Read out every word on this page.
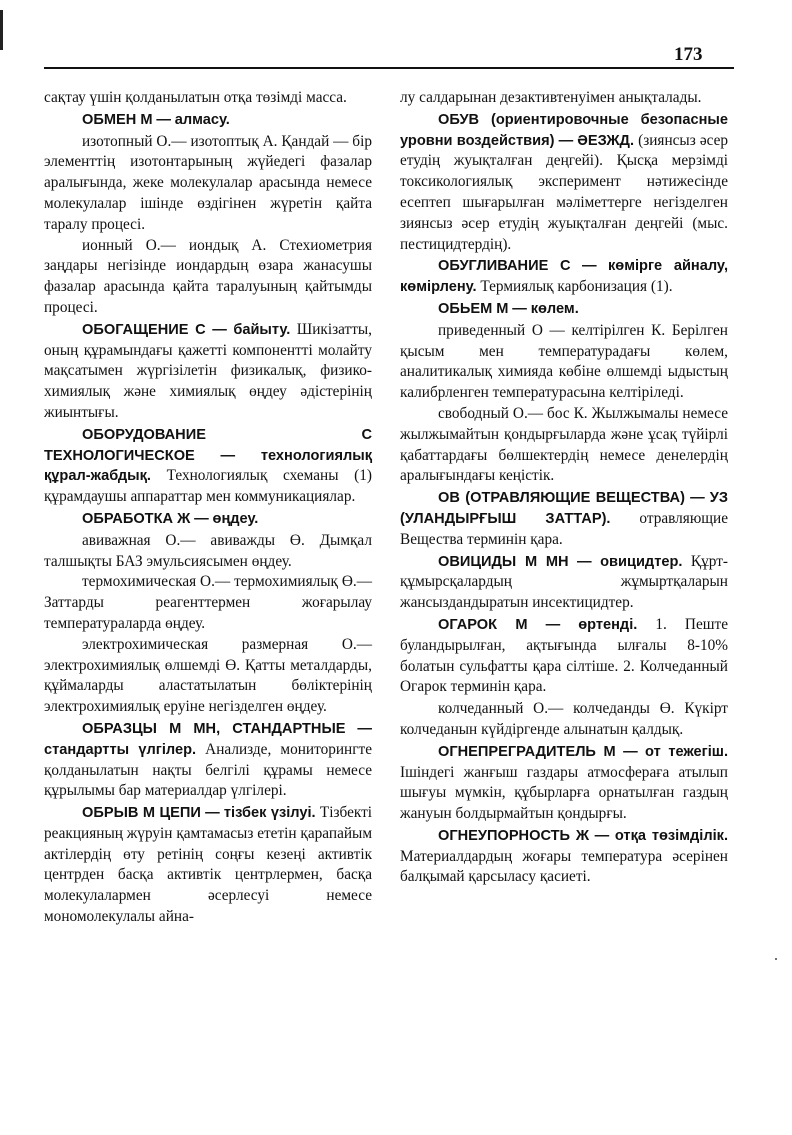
173

сақтау үшін қолданылатын отқа төзімді масса.

ОБМЕН М — алмасу.

изотопный О.— изотоптық А. Қандай — бір элементтің изотонтарының жүйедегі фазалар аралығында, жеке молекулалар арасында немесе молекулалар ішінде өздігінен жүретін қайта таралу процесі.

ионный О.— иондық А. Стехиометрия заңдары негізінде иондардың өзара жанасушы фазалар арасында қайта таралуының қайтымды процесі.

ОБОГАЩЕНИЕ С — байыту. Шикізатты, оның құрамындағы қажетті компонентті молайту мақсатымен жүргізілетін физикалық, физико-химиялық және химиялық өңдеу әдістерінің жиынтығы.

ОБОРУДОВАНИЕ С ТЕХНОЛОГИЧЕСКОЕ — технологиялық құрал-жабдық. Технологиялық схеманы (1) құрамдаушы аппараттар мен коммуникациялар.

ОБРАБОТКА Ж — өңдеу.

авиважная О.— авиважды Ө. Дымқал талшықты БАЗ эмульсиясымен өңдеу.

термохимическая О.— термохимиялық Ө.— Заттарды реагенттермен жоғарылау температураларда өңдеу.

электрохимическая размерная О.— электрохимиялық өлшемді Ө. Қатты металдарды, құймаларды аластатылатын бөліктерінің электрохимиялық еруіне негізделген өңдеу.

ОБРАЗЦЫ М МН, СТАНДАРТНЫЕ — стандартты үлгілер. Анализде, мониторингте қолданылатын нақты белгілі құрамы немесе құрылымы бар материалдар үлгілері.

ОБРЫВ М ЦЕПИ — тізбек үзілуі. Тізбекті реакцияның жүруін қамтамасыз ететін қарапайым актілердің өту ретінің соңғы кезеңі активтік центрден басқа активтік центрлермен, басқа молекулалармен әсерлесуі немесе мономолекулалы айна-

лу салдарынан дезактивтенуімен анықталады.

ОБУВ (ориентировочные безопасные уровни воздействия) — ӘЕЗЖД. (зиянсыз әсер етудің жуықталған деңгейі). Қысқа мерзімді токсикологиялық эксперимент нәтижесінде есептеп шығарылған мәліметтерге негізделген зиянсыз әсер етудің жуықталған деңгейі (мыс. пестицидтердің).

ОБУГЛИВАНИЕ С — көмірге айналу, көмірлену. Термиялық карбонизация (1).

ОБЬЕМ М — көлем.

приведенный О — келтірілген К. Берілген қысым мен температурадағы көлем, аналитикалық химияда көбіне өлшемді ыдыстың калибрленген температурасына келтіріледі.

свободный О.— бос К. Жылжымалы немесе жылжымайтын қондырғыларда және ұсақ түйірлі қабаттардағы бөлшектердің немесе денелердің аралығындағы кеңістік.

ОВ (ОТРАВЛЯЮЩИЕ ВЕЩЕСТВА) — УЗ (УЛАНДЫРҒЫШ ЗАТТАР). отравляющие Вещества терминін қара.

ОВИЦИДЫ М МН — овицидтер. Құрт-құмырсқалардың жұмыртқаларын жансыздандыратын инсектицидтер.

ОГАРОК М — өртенді. 1. Пеште буландырылған, ақтығында ылғалы 8-10% болатын сульфатты қара сілтіше. 2. Колчеданный Огарок терминін қара.

колчеданный О.— колчеданды Ө. Күкірт колчеданын күйдіргенде алынатын қалдық.

ОГНЕПРЕГРАДИТЕЛЬ М — от тежегіш. Ішіндегі жанғыш газдары атмосфераға атылып шығуы мүмкін, құбырларға орнатылған газдың жануын болдырмайтын қондырғы.

ОГНЕУПОРНОСТЬ Ж — отқа төзімділік. Материалдардың жоғары температура әсерінен балқымай қарсыласу қасиеті.
